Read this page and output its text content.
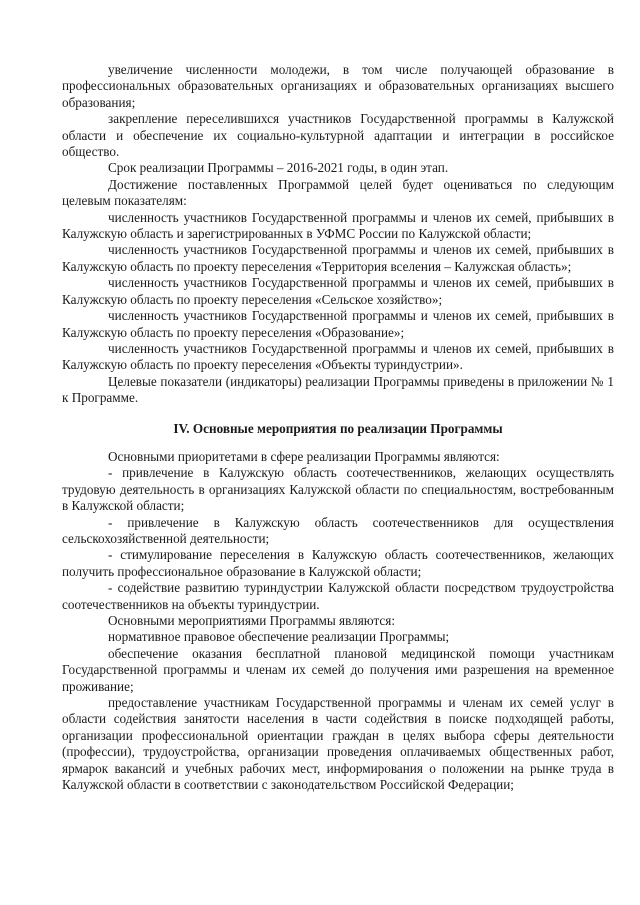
увеличение численности молодежи, в том числе получающей образование в профессиональных образовательных организациях и образовательных организациях высшего образования;

закрепление переселившихся участников Государственной программы в Калужской области и обеспечение их социально-культурной адаптации и интеграции в российское общество.

Срок реализации Программы – 2016-2021 годы, в один этап.

Достижение поставленных Программой целей будет оцениваться по следующим целевым показателям:

численность участников Государственной программы и членов их семей, прибывших в Калужскую область и зарегистрированных в УФМС России по Калужской области;

численность участников Государственной программы и членов их семей, прибывших в Калужскую область по проекту переселения «Территория вселения – Калужская область»;

численность участников Государственной программы и членов их семей, прибывших в Калужскую область по проекту переселения «Сельское хозяйство»;

численность участников Государственной программы и членов их семей, прибывших в Калужскую область по проекту переселения «Образование»;

численность участников Государственной программы и членов их семей, прибывших в Калужскую область по проекту переселения «Объекты туриндустрии».

Целевые показатели (индикаторы) реализации Программы приведены в приложении № 1 к Программе.

IV. Основные мероприятия по реализации Программы

Основными приоритетами в сфере реализации Программы являются:

- привлечение в Калужскую область соотечественников, желающих осуществлять трудовую деятельность в организациях Калужской области по специальностям, востребованным в Калужской области;

- привлечение в Калужскую область соотечественников для осуществления сельскохозяйственной деятельности;

- стимулирование переселения в Калужскую область соотечественников, желающих получить профессиональное образование в Калужской области;

- содействие развитию туриндустрии Калужской области посредством трудоустройства соотечественников на объекты туриндустрии.

Основными мероприятиями Программы являются:

нормативное правовое обеспечение реализации Программы;

обеспечение оказания бесплатной плановой медицинской помощи участникам Государственной программы и членам их семей до получения ими разрешения на временное проживание;

предоставление участникам Государственной программы и членам их семей услуг в области содействия занятости населения в части содействия в поиске подходящей работы, организации профессиональной ориентации граждан в целях выбора сферы деятельности (профессии), трудоустройства, организации проведения оплачиваемых общественных работ, ярмарок вакансий и учебных рабочих мест, информирования о положении на рынке труда в Калужской области в соответствии с законодательством Российской Федерации;
